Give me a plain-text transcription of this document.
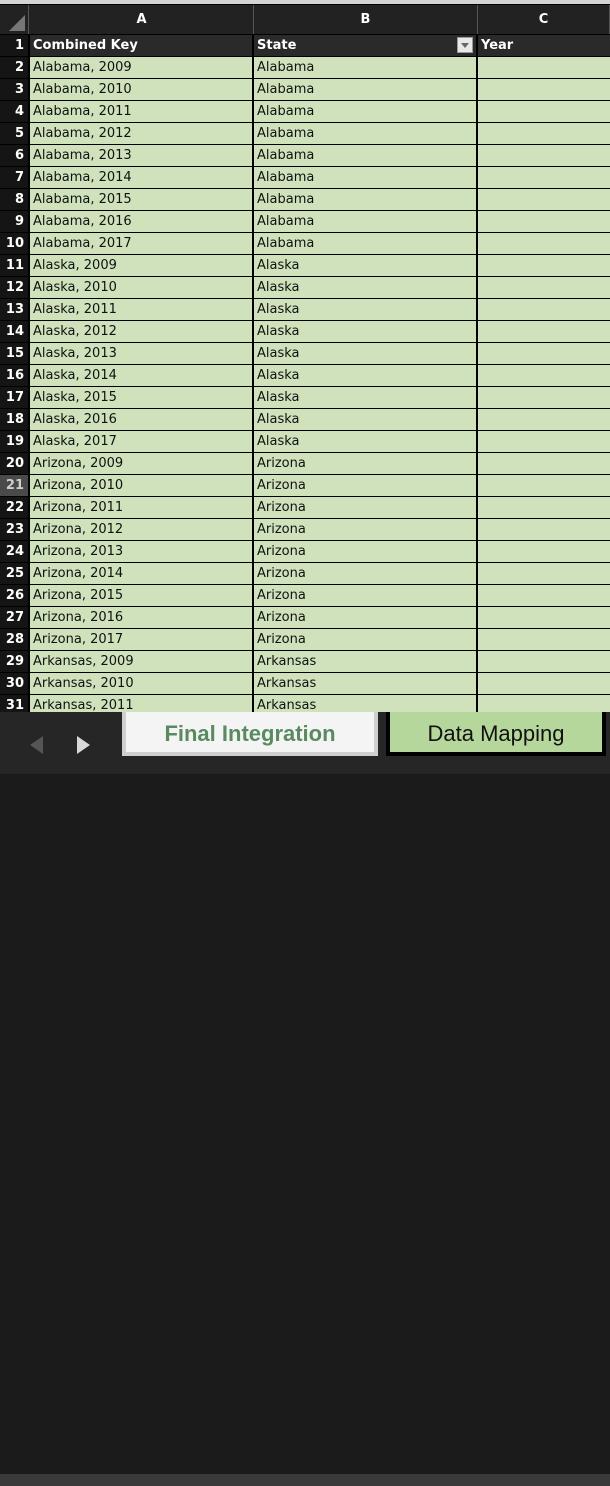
A	B	C
1 Combined Key	State	Year
2 Alabama, 2009	Alabama
3 Alabama, 2010	Alabama
4 Alabama, 2011	Alabama
5 Alabama, 2012	Alabama
6 Alabama, 2013	Alabama
7 Alabama, 2014	Alabama
8 Alabama, 2015	Alabama
9 Alabama, 2016	Alabama
10 Alabama, 2017	Alabama
11 Alaska, 2009	Alaska
12 Alaska, 2010	Alaska
13 Alaska, 2011	Alaska
14 Alaska, 2012	Alaska
15 Alaska, 2013	Alaska
16 Alaska, 2014	Alaska
17 Alaska, 2015	Alaska
18 Alaska, 2016	Alaska
19 Alaska, 2017	Alaska
20 Arizona, 2009	Arizona
21 Arizona, 2010	Arizona
22 Arizona, 2011	Arizona
23 Arizona, 2012	Arizona
24 Arizona, 2013	Arizona
25 Arizona, 2014	Arizona
26 Arizona, 2015	Arizona
27 Arizona, 2016	Arizona
28 Arizona, 2017	Arizona
29 Arkansas, 2009	Arkansas
30 Arkansas, 2010	Arkansas
31 Arkansas, 2011	Arkansas
Final Integration	Data Mapping
